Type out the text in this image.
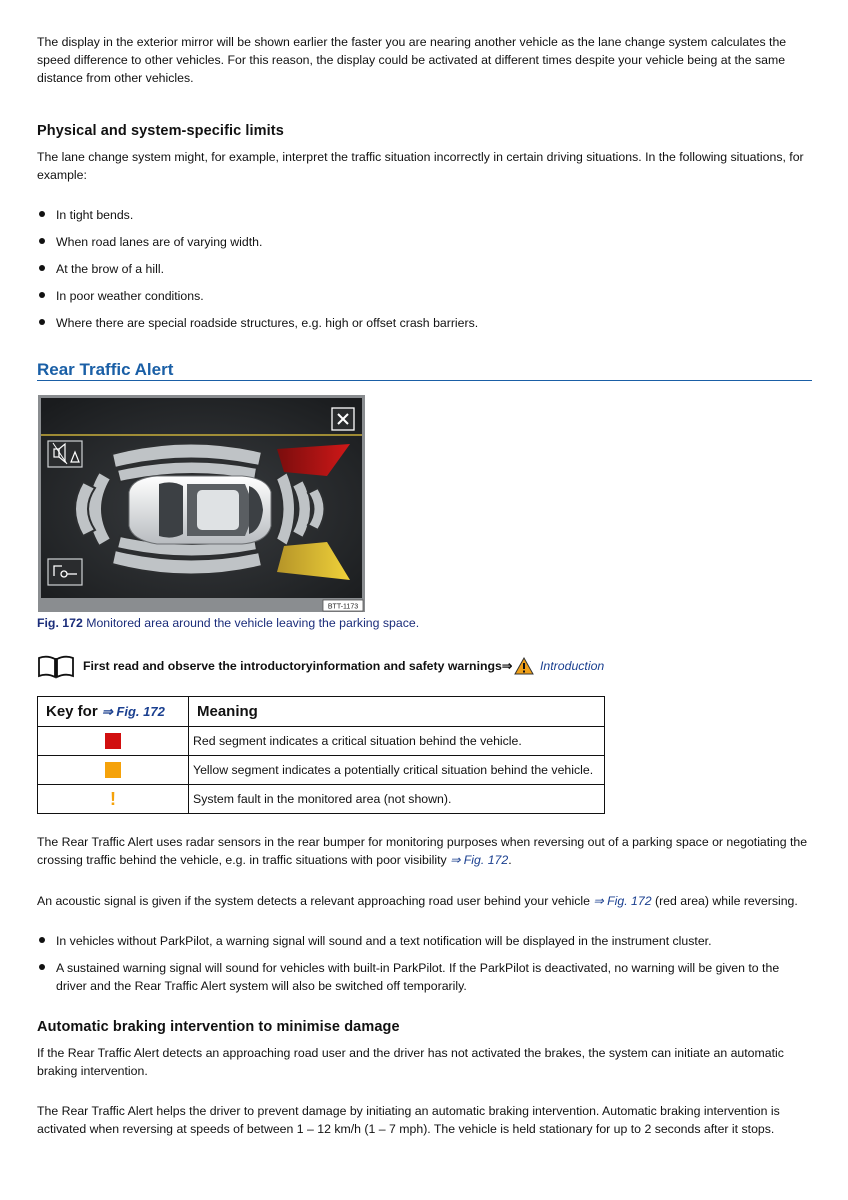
The display in the exterior mirror will be shown earlier the faster you are nearing another vehicle as the lane change system calculates the speed difference to other vehicles. For this reason, the display could be activated at different times despite your vehicle being at the same distance from other vehicles.

Physical and system-specific limits

The lane change system might, for example, interpret the traffic situation incorrectly in certain driving situations. In the following situations, for example:

In tight bends.
When road lanes are of varying width.
At the brow of a hill.
In poor weather conditions.
Where there are special roadside structures, e.g. high or offset crash barriers.
Rear Traffic Alert
BTT-1173
Fig. 172 Monitored area around the vehicle leaving the parking space.
First read and observe the introductoryinformation and safety warnings⇒ Introduction
Key for ⇒ Fig. 172	Meaning
	Red segment indicates a critical situation behind the vehicle.
	Yellow segment indicates a potentially critical situation behind the vehicle.
!	System fault in the monitored area (not shown).

The Rear Traffic Alert uses radar sensors in the rear bumper for monitoring purposes when reversing out of a parking space or negotiating the crossing traffic behind the vehicle, e.g. in traffic situations with poor visibility ⇒ Fig. 172.

An acoustic signal is given if the system detects a relevant approaching road user behind your vehicle ⇒ Fig. 172 (red area) while reversing.

In vehicles without ParkPilot, a warning signal will sound and a text notification will be displayed in the instrument cluster.
A sustained warning signal will sound for vehicles with built-in ParkPilot. If the ParkPilot is deactivated, no warning will be given to the driver and the Rear Traffic Alert system will also be switched off temporarily.
Automatic braking intervention to minimise damage

If the Rear Traffic Alert detects an approaching road user and the driver has not activated the brakes, the system can initiate an automatic braking intervention.

The Rear Traffic Alert helps the driver to prevent damage by initiating an automatic braking intervention. Automatic braking intervention is activated when reversing at speeds of between 1 – 12 km/h (1 – 7 mph). The vehicle is held stationary for up to 2 seconds after it stops.
